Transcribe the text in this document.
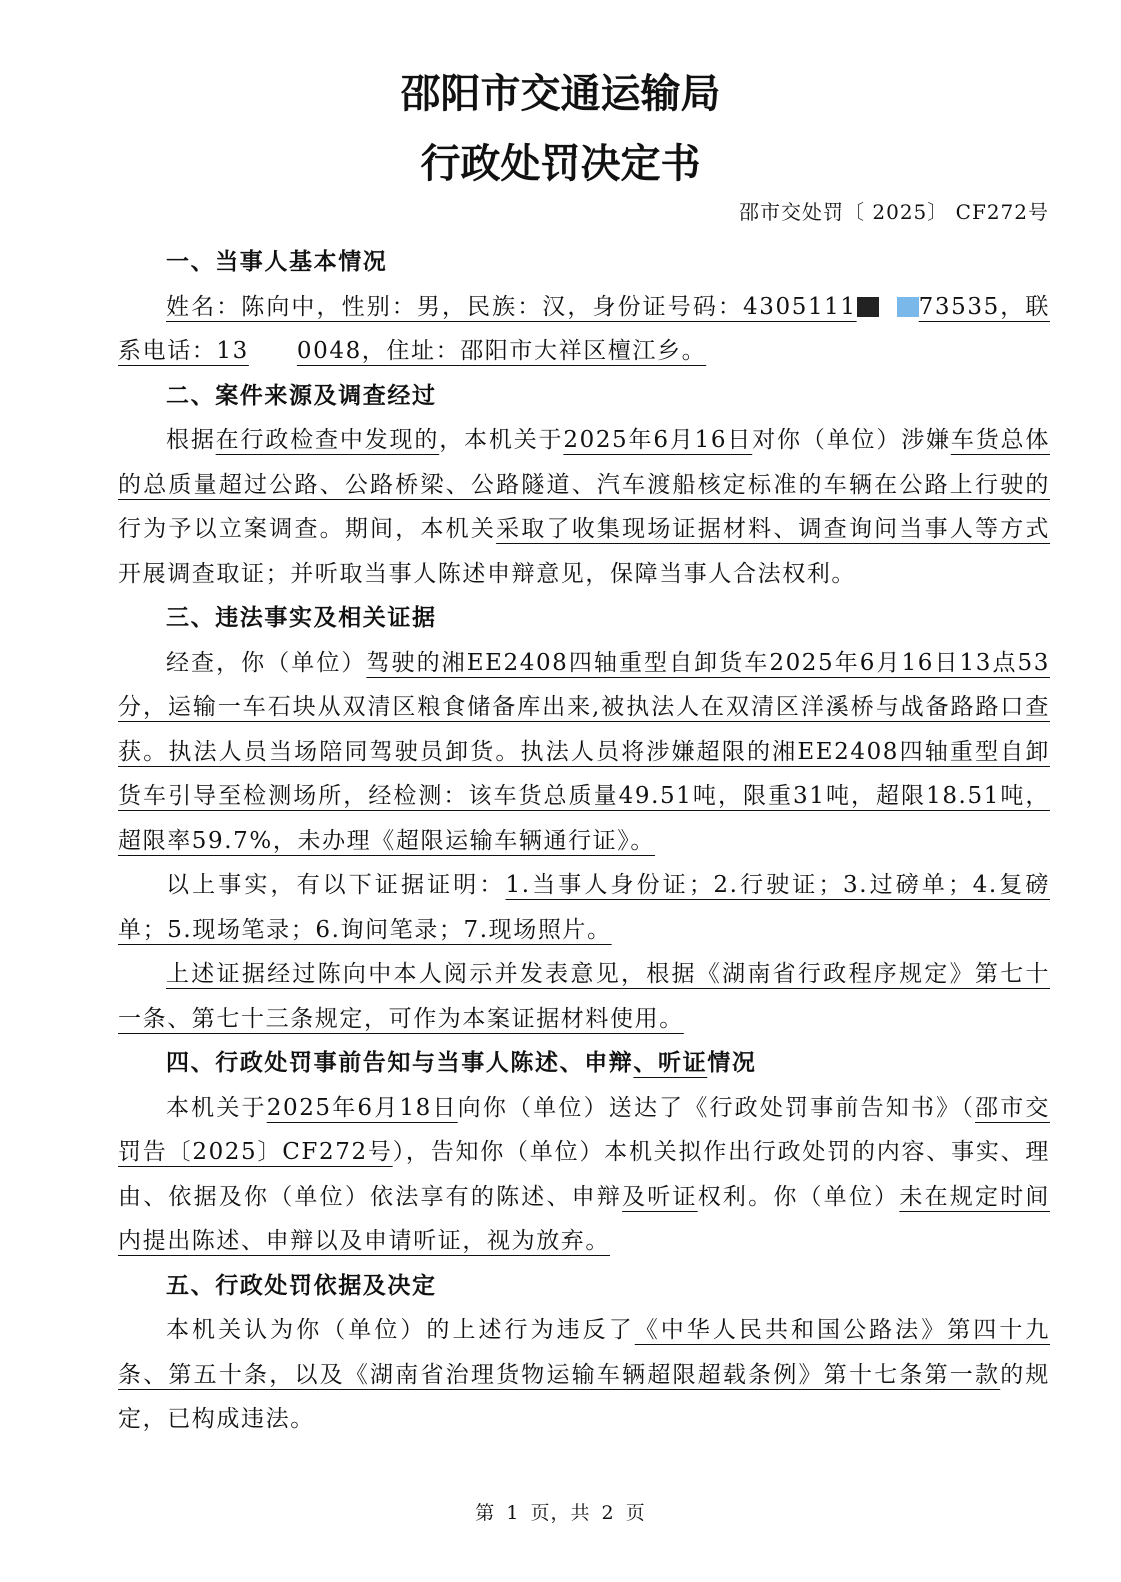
邵阳市交通运输局
行政处罚决定书
邵市交处罚〔 2025〕 CF272号
一、当事人基本情况

姓名：陈向中，性别：男，民族：汉，身份证号码：4305111	73535，联系电话：13 0048，住址：邵阳市大祥区檀江乡。

二、案件来源及调查经过

根据在行政检查中发现的，本机关于2025年6月16日对你（单位）涉嫌车货总体的总质量超过公路、公路桥梁、公路隧道、汽车渡船核定标准的车辆在公路上行驶的行为予以立案调查。期间，本机关采取了收集现场证据材料、调查询问当事人等方式开展调查取证；并听取当事人陈述申辩意见，保障当事人合法权利。

三、违法事实及相关证据

经查，你（单位）驾驶的湘EE2408四轴重型自卸货车2025年6月16日13点53分，运输一车石块从双清区粮食储备库出来,被执法人在双清区洋溪桥与战备路路口查获。执法人员当场陪同驾驶员卸货。执法人员将涉嫌超限的湘EE2408四轴重型自卸货车引导至检测场所，经检测：该车货总质量49.51吨，限重31吨，超限18.51吨，超限率59.7%，未办理《超限运输车辆通行证》。

以上事实，有以下证据证明：1.当事人身份证；2.行驶证；3.过磅单；4.复磅单；5.现场笔录；6.询问笔录；7.现场照片。

上述证据经过陈向中本人阅示并发表意见，根据《湖南省行政程序规定》第七十一条、第七十三条规定，可作为本案证据材料使用。

四、行政处罚事前告知与当事人陈述、申辩、听证情况

本机关于2025年6月18日向你（单位）送达了《行政处罚事前告知书》（邵市交罚告〔2025〕CF272号），告知你（单位）本机关拟作出行政处罚的内容、事实、理由、依据及你（单位）依法享有的陈述、申辩及听证权利。你（单位）未在规定时间内提出陈述、申辩以及申请听证，视为放弃。

五、行政处罚依据及决定

本机关认为你（单位）的上述行为违反了《中华人民共和国公路法》第四十九条、第五十条，以及《湖南省治理货物运输车辆超限超载条例》第十七条第一款的规定，已构成违法。

第 1 页，共 2 页
